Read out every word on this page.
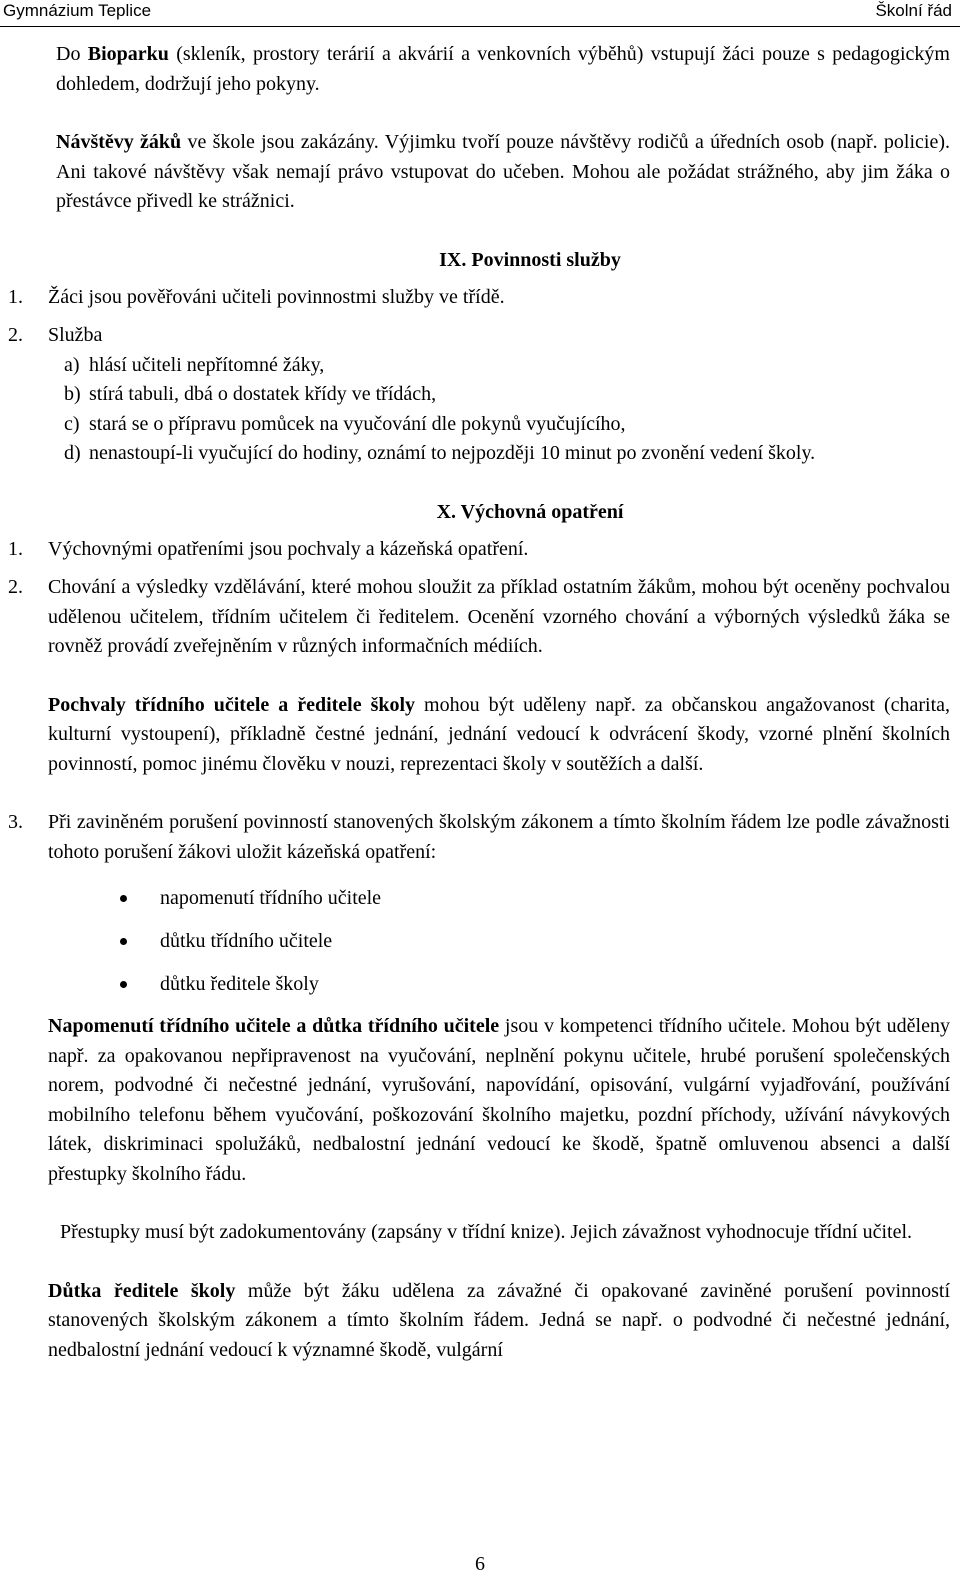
Gymnázium Teplice	Školní řád
Do Bioparku (skleník, prostory terárií a akvárií a venkovních výběhů) vstupují žáci pouze s pedagogickým dohledem, dodržují jeho pokyny.
Návštěvy žáků ve škole jsou zakázány. Výjimku tvoří pouze návštěvy rodičů a úředních osob (např. policie). Ani takové návštěvy však nemají právo vstupovat do učeben. Mohou ale požádat strážného, aby jim žáka o přestávce přivedl ke strážnici.
IX. Povinnosti služby
1. Žáci jsou pověřováni učiteli povinnostmi služby ve třídě.
2. Služba
a) hlásí učiteli nepřítomné žáky,
b) stírá tabuli, dbá o dostatek křídy ve třídách,
c) stará se o přípravu pomůcek na vyučování dle pokynů vyučujícího,
d) nenastoupí-li vyučující do hodiny, oznámí to nejpozději 10 minut po zvonění vedení školy.
X. Výchovná opatření
1. Výchovnými opatřeními jsou pochvaly a kázeňská opatření.
2. Chování a výsledky vzdělávání, které mohou sloužit za příklad ostatním žákům, mohou být oceněny pochvalou udělenou učitelem, třídním učitelem či ředitelem. Ocenění vzorného chování a výborných výsledků žáka se rovněž provádí zveřejněním v různých informačních médiích.
Pochvaly třídního učitele a ředitele školy mohou být uděleny např. za občanskou angažovanost (charita, kulturní vystoupení), příkladně čestné jednání, jednání vedoucí k odvrácení škody, vzorné plnění školních povinností, pomoc jinému člověku v nouzi, reprezentaci školy v soutěžích a další.
3. Při zaviněném porušení povinností stanovených školským zákonem a tímto školním řádem lze podle závažnosti tohoto porušení žákovi uložit kázeňská opatření:
napomenutí třídního učitele
důtku třídního učitele
důtku ředitele školy
Napomenutí třídního učitele a důtka třídního učitele jsou v kompetenci třídního učitele. Mohou být uděleny např. za opakovanou nepřipravenost na vyučování, neplnění pokynu učitele, hrubé porušení společenských norem, podvodné či nečestné jednání, vyrušování, napovídání, opisování, vulgární vyjadřování, používání mobilního telefonu během vyučování, poškozování školního majetku, pozdní příchody, užívání návykových látek, diskriminaci spolužáků, nedbalostní jednání vedoucí ke škodě, špatně omluvenou absenci a další přestupky školního řádu.
Přestupky musí být zadokumentovány (zapsány v třídní knize). Jejich závažnost vyhodnocuje třídní učitel.
Důtka ředitele školy může být žáku udělena za závažné či opakované zaviněné porušení povinností stanovených školským zákonem a tímto školním řádem. Jedná se např. o podvodné či nečestné jednání, nedbalostní jednání vedoucí k významné škodě, vulgární
6
